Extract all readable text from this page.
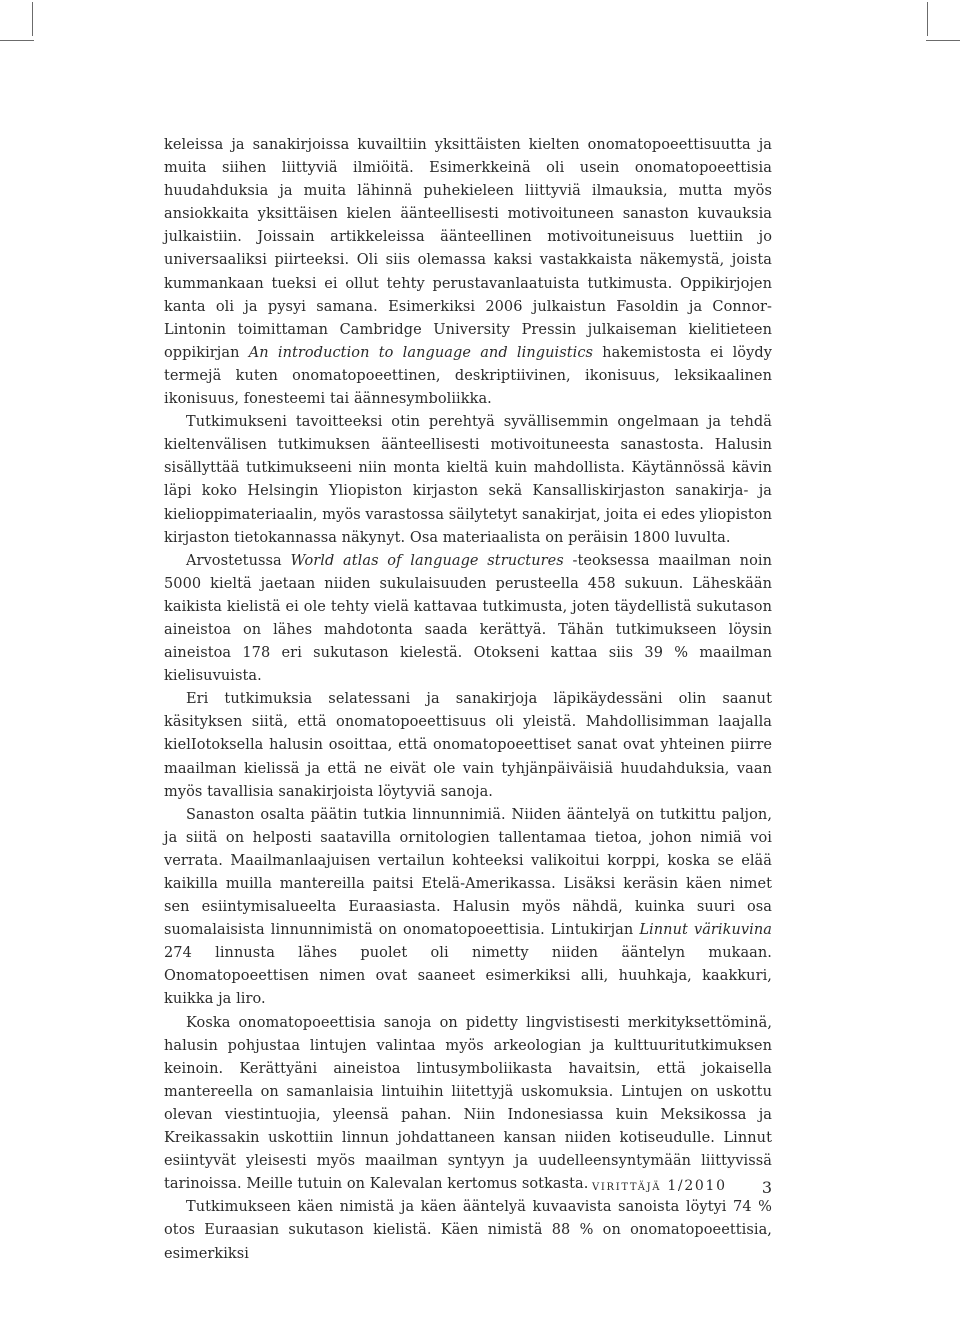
keleissa ja sanakirjoissa kuvailtiin yksittäisten kielten onomatopoeettisuutta ja muita siihen liittyviä ilmiöitä. Esimerkkeinä oli usein onomatopoeettisia huudahduksia ja muita lähinnä puhekieleen liittyviä ilmauksia, mutta myös ansiokkaita yksittäisen kielen äänteellisesti motivoituneen sanaston kuvauksia julkaistiin. Joissain artikkeleissa äänteellinen motivoituneisuus luettiin jo universaaliksi piirteeksi. Oli siis olemassa kaksi vastakkaista näkemystä, joista kummankaan tueksi ei ollut tehty perustavanlaatuista tutkimusta. Oppikirjojen kanta oli ja pysyi samana. Esimerkiksi 2006 julkaistun Fasoldin ja Connor-Lintonin toimittaman Cambridge University Pressin julkaiseman kielitieteen oppikirjan An introduction to language and linguistics hakemistosta ei löydy termejä kuten onomatopoeettinen, deskriptiivinen, ikonisuus, leksikaalinen ikonisuus, fonesteemi tai äännesymboliikka.

Tutkimukseni tavoitteeksi otin perehtyä syvällisemmin ongelmaan ja tehdä kieltenvälisen tutkimuksen äänteellisesti motivoituneesta sanastosta. Halusin sisällyttää tutkimukseeni niin monta kieltä kuin mahdollista. Käytännössä kävin läpi koko Helsingin Yliopiston kirjaston sekä Kansalliskirjaston sanakirja- ja kielioppimateriaalin, myös varastossa säilytetyt sanakirjat, joita ei edes yliopiston kirjaston tietokannassa näkynyt. Osa materiaalista on peräisin 1800 luvulta.

Arvostetussa World atlas of language structures -teoksessa maailman noin 5000 kieltä jaetaan niiden sukulaisuuden perusteella 458 sukuun. Läheskään kaikista kielistä ei ole tehty vielä kattavaa tutkimusta, joten täydellistä sukutason aineistoa on lähes mahdotonta saada kerättyä. Tähän tutkimukseen löysin aineistoa 178 eri sukutason kielestä. Otokseni kattaa siis 39 % maailman kielisuvuista.

Eri tutkimuksia selatessani ja sanakirjoja läpikäydessäni olin saanut käsityksen siitä, että onomatopoeettisuus oli yleistä. Mahdollisimman laajalla kielIotoksella halusin osoittaa, että onomatopoeettiset sanat ovat yhteinen piirre maailman kielissä ja että ne eivät ole vain tyhjänpäiväisiä huudahduksia, vaan myös tavallisia sanakirjoista löytyviä sanoja.

Sanaston osalta päätin tutkia linnunnimiä. Niiden ääntelyä on tutkittu paljon, ja siitä on helposti saatavilla ornitologien tallentamaa tietoa, johon nimiä voi verrata. Maailmanlaajuisen vertailun kohteeksi valikoitui korppi, koska se elää kaikilla muilla mantereilla paitsi Etelä-Amerikassa. Lisäksi keräsin käen nimet sen esiintymisalueelta Euraasiasta. Halusin myös nähdä, kuinka suuri osa suomalaisista linnunnimistä on onomatopoeettisia. Lintukirjan Linnut värikuvina 274 linnusta lähes puolet oli nimetty niiden ääntelyn mukaan. Onomatopoeettisen nimen ovat saaneet esimerkiksi alli, huuhkaja, kaakkuri, kuikka ja liro.

Koska onomatopoeettisia sanoja on pidetty lingvistisesti merkityksettöminä, halusin pohjustaa lintujen valintaa myös arkeologian ja kulttuuritutkimuksen keinoin. Kerättyäni aineistoa lintusymboliikasta havaitsin, että jokaisella mantereella on samanlaisia lintuihin liitettyjä uskomuksia. Lintujen on uskottu olevan viestintuojia, yleensä pahan. Niin Indonesiassa kuin Meksikossa ja Kreikassakin uskottiin linnun johdattaneen kansan niiden kotiseudulle. Linnut esiintyvät yleisesti myös maailman syntyyn ja uudelleensyntymään liittyvissä tarinoissa. Meille tutuin on Kalevalan kertomus sotkasta.

Tutkimukseen käen nimistä ja käen ääntelyä kuvaavista sanoista löytyi 74 % otos Euraasian sukutason kielistä. Käen nimistä 88 % on onomatopoeettisia, esimerkiksi

virittäjä 1/2010 3
